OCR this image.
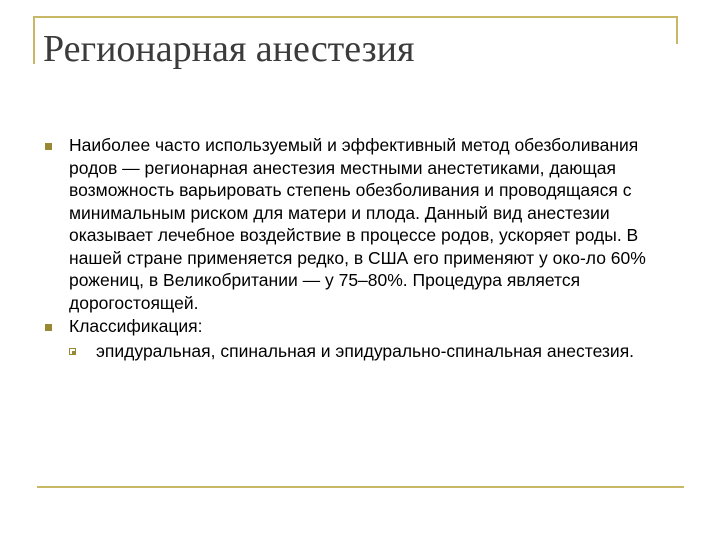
Регионарная анестезия
Наиболее часто используемый и эффективный метод обезболивания родов — регионарная анестезия местными анестетиками, дающая возможность варьировать степень обезболивания и проводящаяся с минимальным риском для матери и плода. Данный вид анестезии оказывает лечебное воздействие в процессе родов, ускоряет роды. В нашей стране применяется редко, в США его применяют у око-ло 60% рожениц, в Великобритании — у 75–80%. Процедура является дорогостоящей.
Классификация:
эпидуральная, спинальная и эпидурально-спинальная анестезия.
